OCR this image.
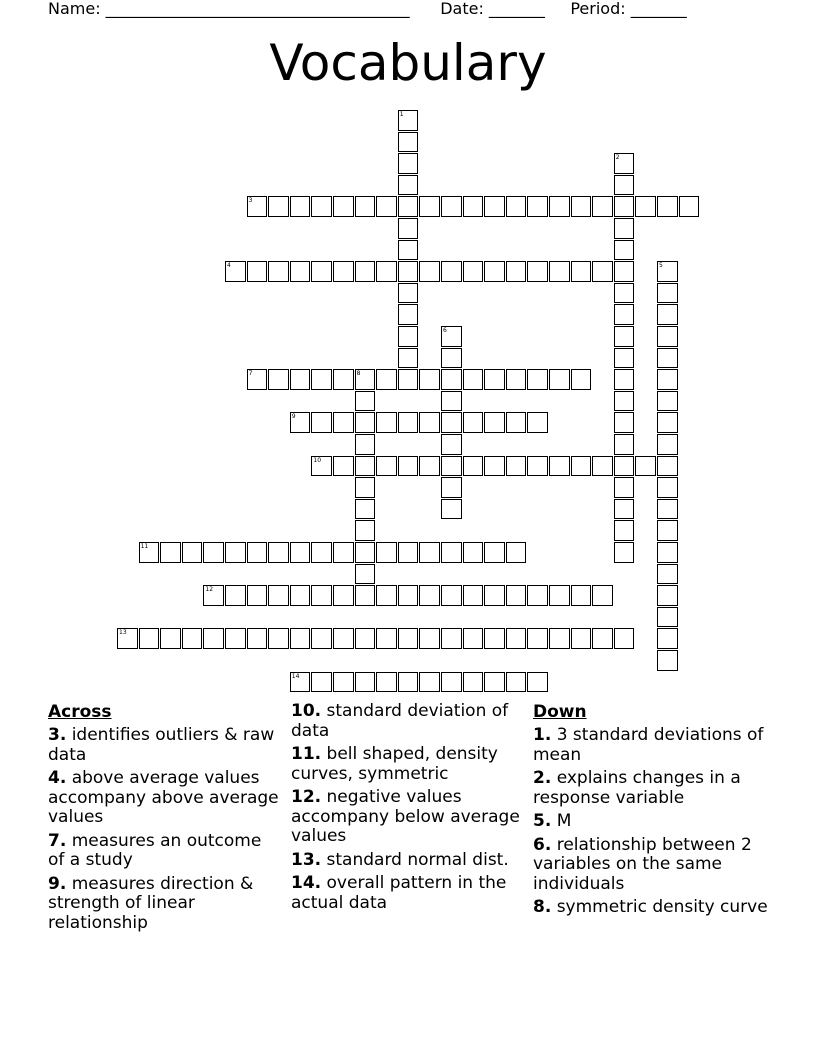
Name: ______________________________________      Date: _______     Period: _______
Vocabulary
1
2
3
4	5
6
7	8
9
10
11
12
13
14
Across
3. identifies outliers & raw data
4. above average values accompany above average values
7. measures an outcome of a study
9. measures direction & strength of linear relationship
10. standard deviation of data
11. bell shaped, density curves, symmetric
12. negative values accompany below average values
13. standard normal dist.
14. overall pattern in the actual data
Down
1. 3 standard deviations of mean
2. explains changes in a response variable
5. M
6. relationship between 2 variables on the same individuals
8. symmetric density curve
